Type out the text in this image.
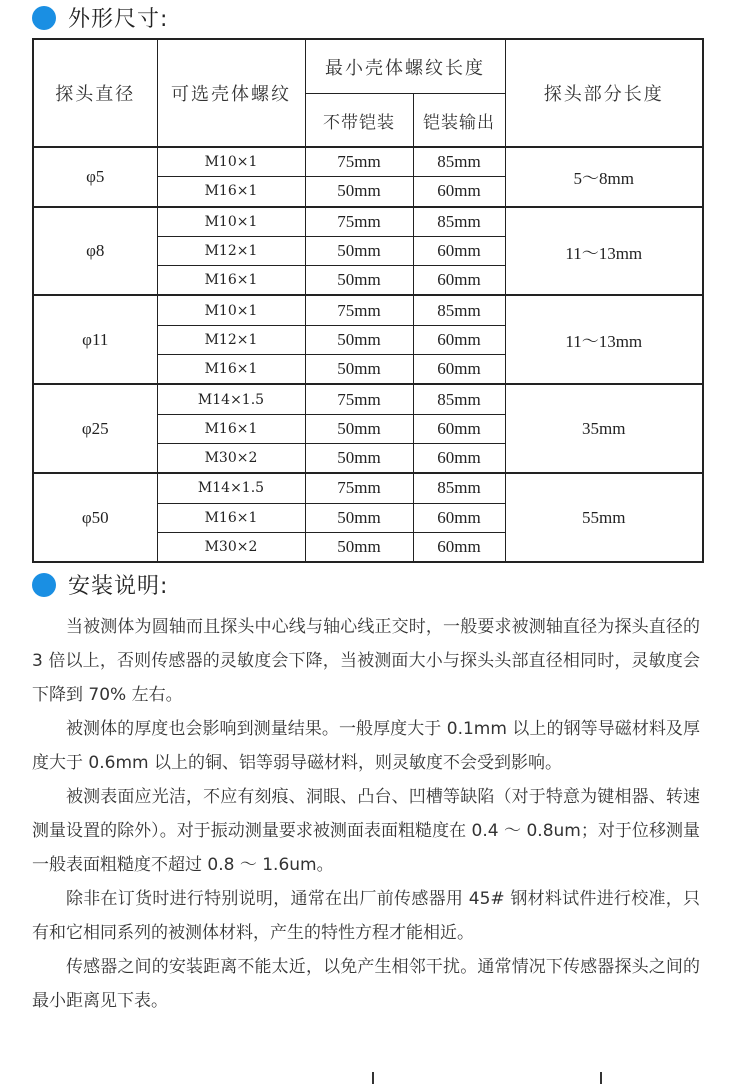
外形尺寸:
探头直径	可选壳体螺纹	最小壳体螺纹长度		探头部分长度
		不带铠装	铠装输出	
φ5	M10×1	75mm	85mm	5～8mm
	M16×1	50mm	60mm	
φ8	M10×1	75mm	85mm	11～13mm
	M12×1	50mm	60mm	
	M16×1	50mm	60mm	
φ11	M10×1	75mm	85mm	11～13mm
	M12×1	50mm	60mm	
	M16×1	50mm	60mm	
φ25	M14×1.5	75mm	85mm	35mm
	M16×1	50mm	60mm	
	M30×2	50mm	60mm	
φ50	M14×1.5	75mm	85mm	55mm
	M16×1	50mm	60mm	
	M30×2	50mm	60mm	
安装说明:

当被测体为圆轴而且探头中心线与轴心线正交时，一般要求被测轴直径为探头直径的 3 倍以上，否则传感器的灵敏度会下降，当被测面大小与探头头部直径相同时，灵敏度会下降到 70% 左右。

被测体的厚度也会影响到测量结果。一般厚度大于 0.1mm 以上的钢等导磁材料及厚度大于 0.6mm 以上的铜、铝等弱导磁材料，则灵敏度不会受到影响。

被测表面应光洁，不应有刻痕、洞眼、凸台、凹槽等缺陷（对于特意为键相器、转速测量设置的除外）。对于振动测量要求被测面表面粗糙度在 0.4 ～ 0.8um；对于位移测量一般表面粗糙度不超过 0.8 ～ 1.6um。

除非在订货时进行特别说明，通常在出厂前传感器用 45# 钢材料试件进行校准，只有和它相同系列的被测体材料，产生的特性方程才能相近。

传感器之间的安装距离不能太近，以免产生相邻干扰。通常情况下传感器探头之间的最小距离见下表。
